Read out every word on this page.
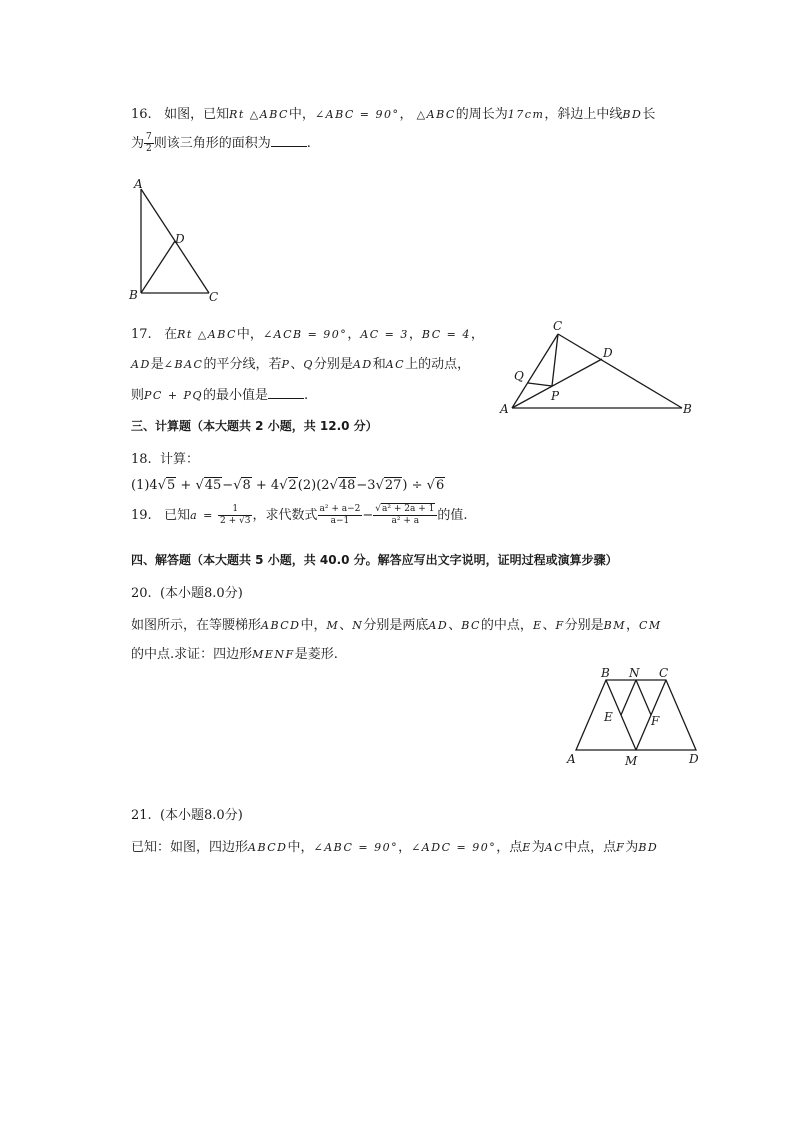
16. 如图，已知Rt △ABC中，∠ABC = 90°， △ABC的周长为17cm，斜边上中线BD长
为 $\frac{7}{2}$ 则该三角形的面积为	.
A
B	C
D
17. 在Rt △ABC中，∠ACB = 90°，AC = 3，BC = 4，
AD是∠BAC的平分线，若P、Q分别是AD和AC上的动点，
则PC + PQ的最小值是	.
A	B
C
D
P
Q
三、计算题（本大题共 2 小题，共 12.0 分）
18. 计算：
(1)4√5 + √45−√8 + 4√2(2)(2√48−3√27) ÷ √6
19. 已知$a = \frac{1}{2 + √3}$ ，求代数式 $\frac{\text{a² + a−2}}{a-1} - \frac{\text{√a² + 2a + 1}}{\text{a² + a}}$ 的值.
四、解答题（本大题共 5 小题，共 40.0 分。解答应写出文字说明，证明过程或演算步骤）
20. (本小题8.0分)
如图所示，在等腰梯形ABCD中，M、N分别是两底AD、BC的中点，E、F分别是BM，CM
的中点.求证：四边形MENF是菱形.
A
B	C
D
E	F
M
N
21. (本小题8.0分)
已知：如图，四边形ABCD中，∠ABC = 90°，∠ADC = 90°，点E为AC中点，点F为BD
